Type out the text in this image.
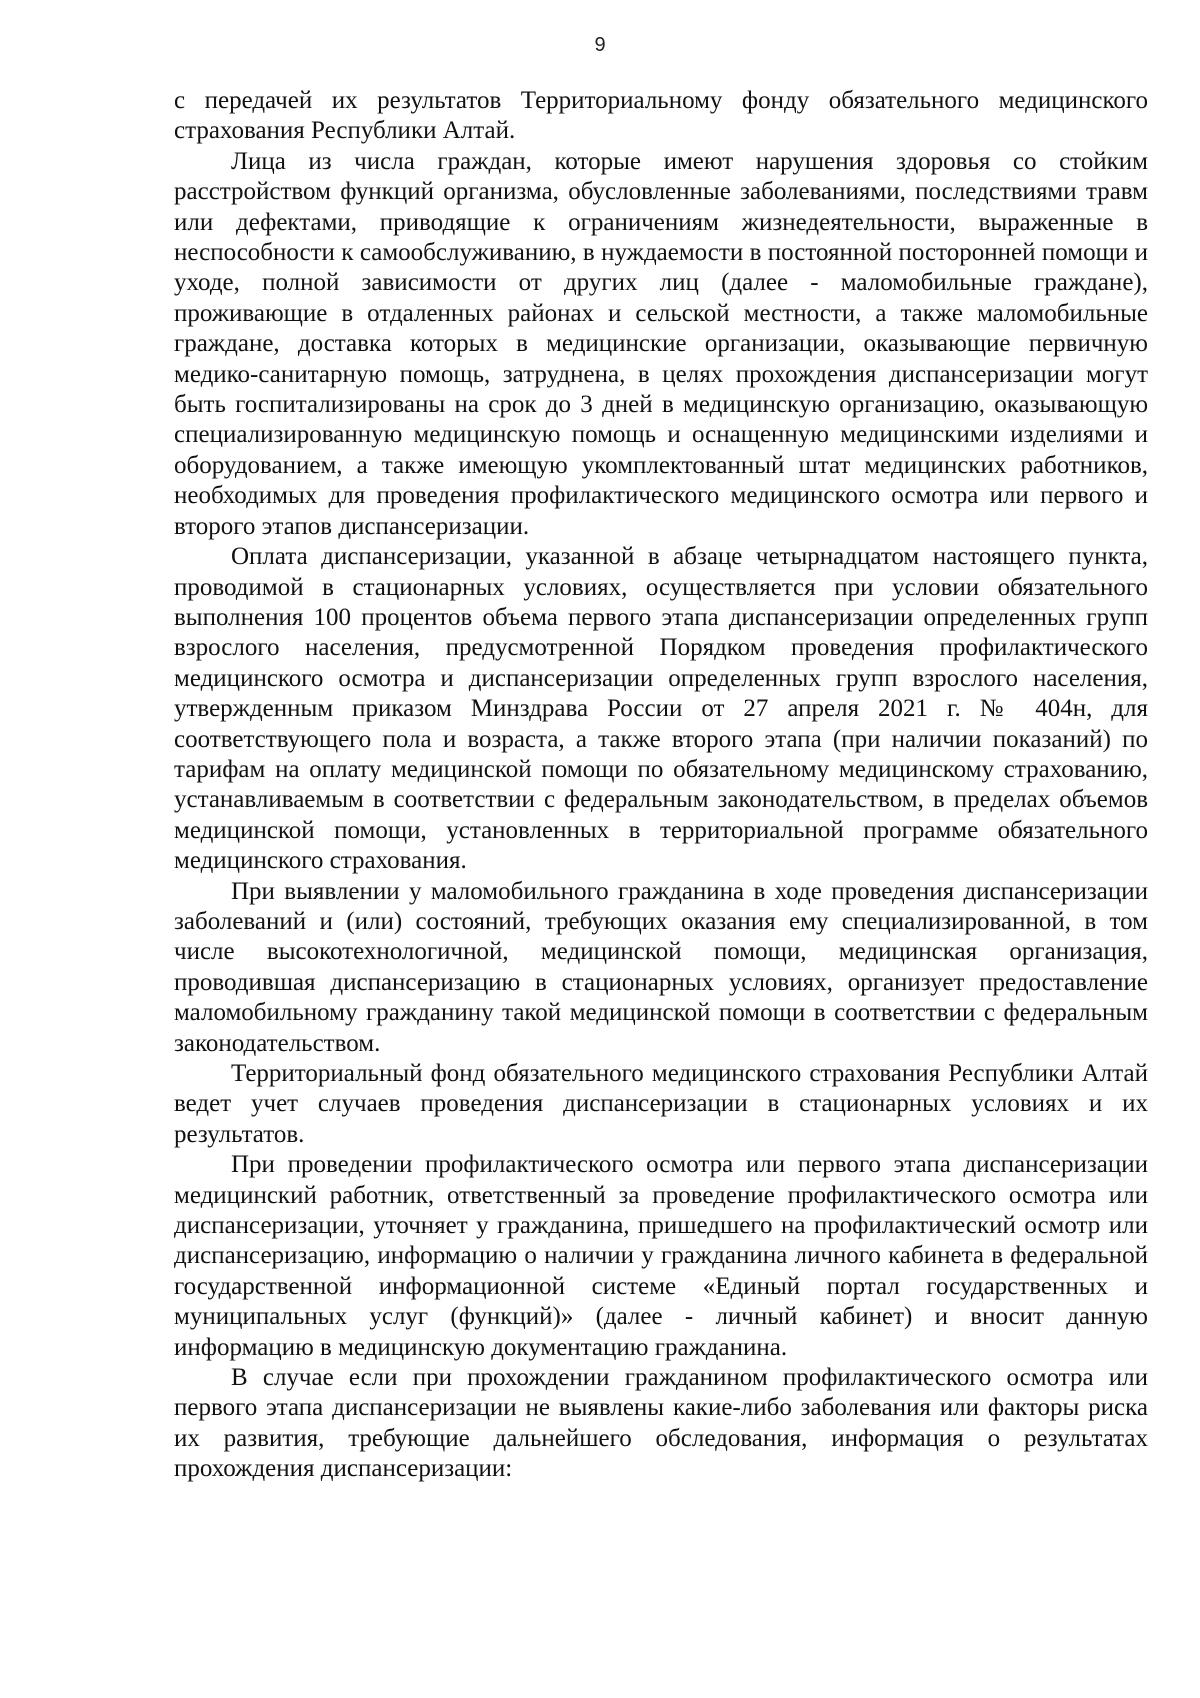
9

с передачей их результатов Территориальному фонду обязательного медицинского страхования Республики Алтай.

Лица из числа граждан, которые имеют нарушения здоровья со стойким расстройством функций организма, обусловленные заболеваниями, последствиями травм или дефектами, приводящие к ограничениям жизнедеятельности, выраженные в неспособности к самообслуживанию, в нуждаемости в постоянной посторонней помощи и уходе, полной зависимости от других лиц (далее - маломобильные граждане), проживающие в отдаленных районах и сельской местности, а также маломобильные граждане, доставка которых в медицинские организации, оказывающие первичную медико-санитарную помощь, затруднена, в целях прохождения диспансеризации могут быть госпитализированы на срок до 3 дней в медицинскую организацию, оказывающую специализированную медицинскую помощь и оснащенную медицинскими изделиями и оборудованием, а также имеющую укомплектованный штат медицинских работников, необходимых для проведения профилактического медицинского осмотра или первого и второго этапов диспансеризации.

Оплата диспансеризации, указанной в абзаце четырнадцатом настоящего пункта, проводимой в стационарных условиях, осуществляется при условии обязательного выполнения 100 процентов объема первого этапа диспансеризации определенных групп взрослого населения, предусмотренной Порядком проведения профилактического медицинского осмотра и диспансеризации определенных групп взрослого населения, утвержденным приказом Минздрава России от 27 апреля 2021 г. № 404н, для соответствующего пола и возраста, а также второго этапа (при наличии показаний) по тарифам на оплату медицинской помощи по обязательному медицинскому страхованию, устанавливаемым в соответствии с федеральным законодательством, в пределах объемов медицинской помощи, установленных в территориальной программе обязательного медицинского страхования.

При выявлении у маломобильного гражданина в ходе проведения диспансеризации заболеваний и (или) состояний, требующих оказания ему специализированной, в том числе высокотехнологичной, медицинской помощи, медицинская организация, проводившая диспансеризацию в стационарных условиях, организует предоставление маломобильному гражданину такой медицинской помощи в соответствии с федеральным законодательством.

Территориальный фонд обязательного медицинского страхования Республики Алтай ведет учет случаев проведения диспансеризации в стационарных условиях и их результатов.

При проведении профилактического осмотра или первого этапа диспансеризации медицинский работник, ответственный за проведение профилактического осмотра или диспансеризации, уточняет у гражданина, пришедшего на профилактический осмотр или диспансеризацию, информацию о наличии у гражданина личного кабинета в федеральной государственной информационной системе «Единый портал государственных и муниципальных услуг (функций)» (далее - личный кабинет) и вносит данную информацию в медицинскую документацию гражданина.

В случае если при прохождении гражданином профилактического осмотра или первого этапа диспансеризации не выявлены какие-либо заболевания или факторы риска их развития, требующие дальнейшего обследования, информация о результатах прохождения диспансеризации:
